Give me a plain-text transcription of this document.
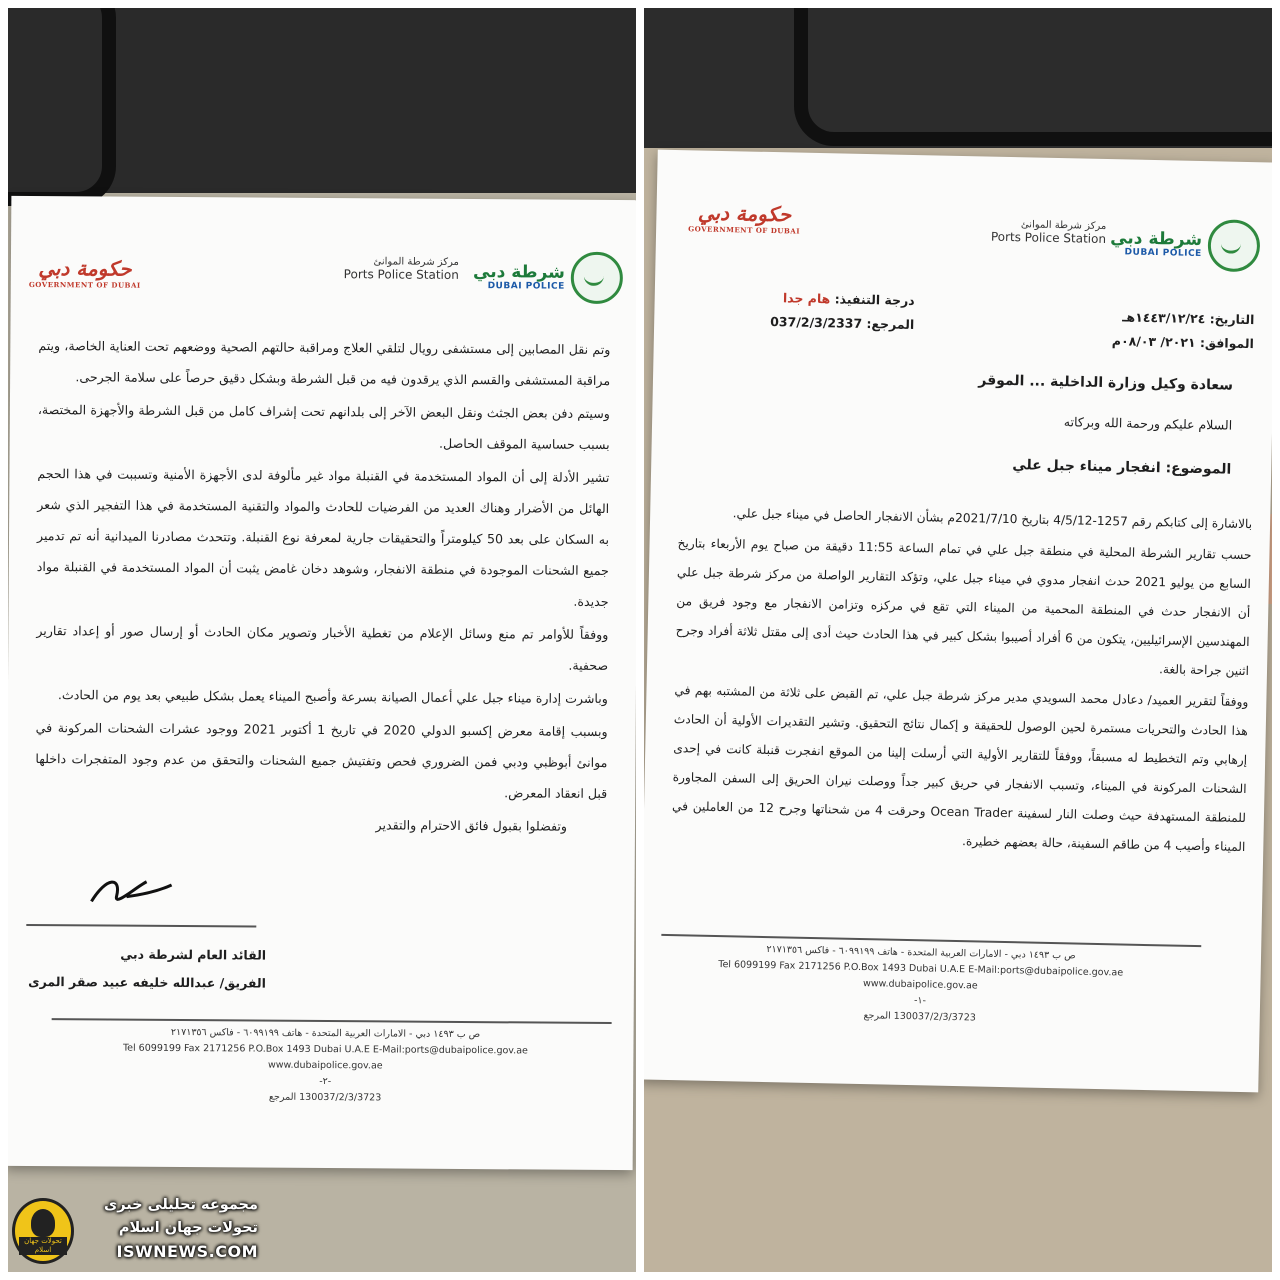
حكومة دبي
GOVERNMENT OF DUBAI
شرطة دبي
DUBAI POLICE
مركز شرطة الموانئ
Ports Police Station

وتم نقل المصابين إلى مستشفى رويال لتلقي العلاج ومراقبة حالتهم الصحية ووضعهم تحت العناية الخاصة، ويتم مراقبة المستشفى والقسم الذي يرقدون فيه من قبل الشرطة وبشكل دقيق حرصاً على سلامة الجرحى.

وسيتم دفن بعض الجثث ونقل البعض الآخر إلى بلدانهم تحت إشراف كامل من قبل الشرطة والأجهزة المختصة، بسبب حساسية الموقف الحاصل.

تشير الأدلة إلى أن المواد المستخدمة في القنبلة مواد غير مألوفة لدى الأجهزة الأمنية وتسببت في هذا الحجم الهائل من الأضرار وهناك العديد من الفرضيات للحادث والمواد والتقنية المستخدمة في هذا التفجير الذي شعر به السكان على بعد 50 كيلومتراً والتحقيقات جارية لمعرفة نوع القنبلة. وتتحدث مصادرنا الميدانية أنه تم تدمير جميع الشحنات الموجودة في منطقة الانفجار، وشوهد دخان غامض يثبت أن المواد المستخدمة في القنبلة مواد جديدة.

ووفقاً للأوامر تم منع وسائل الإعلام من تغطية الأخبار وتصوير مكان الحادث أو إرسال صور أو إعداد تقارير صحفية.

وباشرت إدارة ميناء جبل علي أعمال الصيانة بسرعة وأصبح الميناء يعمل بشكل طبيعي بعد يوم من الحادث.

وبسبب إقامة معرض إكسبو الدولي 2020 في تاريخ 1 أكتوبر 2021 ووجود عشرات الشحنات المركونة في موانئ أبوظبي ودبي فمن الضروري فحص وتفتيش جميع الشحنات والتحقق من عدم وجود المتفجرات داخلها قبل انعقاد المعرض.

وتفضلوا بقبول فائق الاحترام والتقدير

القائد العام لشرطة دبي
الفريق/ عبدالله خليفه عبيد صقر المرى
ص ب ١٤٩٣ دبي - الامارات العربية المتحدة - هاتف ٦٠٩٩١٩٩ - فاكس ٢١٧١٣٥٦
Tel 6099199 Fax 2171256 P.O.Box 1493 Dubai U.A.E E-Mail:ports@dubaipolice.gov.ae
www.dubaipolice.gov.ae
-٢-
130037/2/3/3723 المرجع
حكومة دبي
GOVERNMENT OF DUBAI	شرطة دبي
DUBAI POLICE
مركز شرطة الموانئ
Ports Police Station
التاريخ: ١٤٤٣/١٢/٢٤هـ
الموافق: ٢٠٢١/ ٠٨/٠٣م
درجة التنفيذ: هام جدا
المرجع: 037/2/3/2337
سعادة وكيل وزارة الداخلية ... الموقر
السلام عليكم ورحمة الله وبركاته
الموضوع: انفجار ميناء جبل علي

بالاشارة إلى كتابكم رقم 1257-4/5/12 بتاريخ 2021/7/10م بشأن الانفجار الحاصل في ميناء جبل علي.

حسب تقارير الشرطة المحلية في منطقة جبل علي في تمام الساعة 11:55 دقيقة من صباح يوم الأربعاء بتاريخ السابع من يوليو 2021 حدث انفجار مدوي في ميناء جبل علي، وتؤكد التقارير الواصلة من مركز شرطة جبل علي أن الانفجار حدث في المنطقة المحمية من الميناء التي تقع في مركزه وتزامن الانفجار مع وجود فريق من المهندسين الإسرائيليين، يتكون من 6 أفراد أصيبوا بشكل كبير في هذا الحادث حيث أدى إلى مقتل ثلاثة أفراد وجرح اثنين جراحة بالغة.

ووفقاً لتقرير العميد/ دعادل محمد السويدي مدير مركز شرطة جبل علي، تم القبض على ثلاثة من المشتبه بهم في هذا الحادث والتحريات مستمرة لحين الوصول للحقيقة و إكمال نتائج التحقيق. وتشير التقديرات الأولية أن الحادث إرهابي وتم التخطيط له مسبقاً، ووفقاً للتقارير الأولية التي أرسلت إلينا من الموقع انفجرت قنبلة كانت في إحدى الشحنات المركونة في الميناء، وتسبب الانفجار في حريق كبير جداً ووصلت نيران الحريق إلى السفن المجاورة للمنطقة المستهدفة حيث وصلت النار لسفينة Ocean Trader وحرقت 4 من شحناتها وجرح 12 من العاملين في الميناء وأصيب 4 من طاقم السفينة، حالة بعضهم خطيرة.

ص ب ١٤٩٣ دبي - الامارات العربية المتحدة - هاتف ٦٠٩٩١٩٩ - فاكس ٢١٧١٣٥٦
Tel 6099199 Fax 2171256 P.O.Box 1493 Dubai U.A.E E-Mail:ports@dubaipolice.gov.ae
www.dubaipolice.gov.ae
-١-
130037/2/3/3723 المرجع
تحولات جهان اسلام
مجموعه تحلیلی خبری
تحولات جهان اسلام
ISWNEWS.COM
